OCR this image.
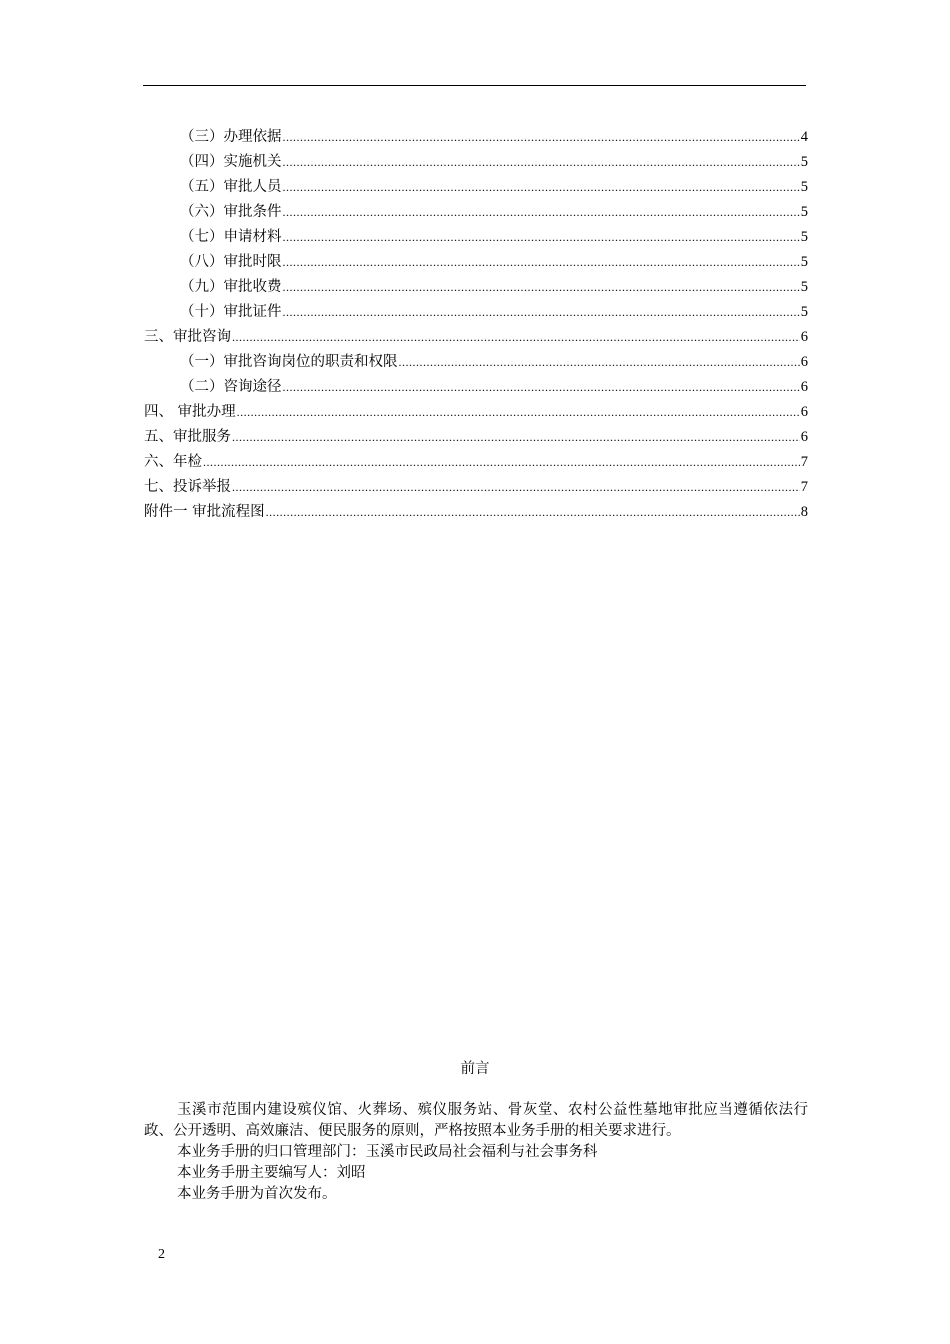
（三）办理依据 .....	4
（四）实施机关 .....	5
（五）审批人员 .....	5
（六）审批条件 .....	5
（七）申请材料 .....	5
（八）审批时限 .....	5
（九）审批收费 .....	5
（十）审批证件 .....	5
三、审批咨询 .....	6
（一）审批咨询岗位的职责和权限 .....	6
（二）咨询途径 .....	6
四、 审批办理 .....	6
五、审批服务 .....	6
六、年检 .....	7
七、投诉举报 .....	7
附件一 审批流程图 .....	8
前言

玉溪市范围内建设殡仪馆、火葬场、殡仪服务站、骨灰堂、农村公益性墓地审批应当遵循依法行政、公开透明、高效廉洁、便民服务的原则，严格按照本业务手册的相关要求进行。

本业务手册的归口管理部门：玉溪市民政局社会福利与社会事务科

本业务手册主要编写人：刘昭

本业务手册为首次发布。

2
